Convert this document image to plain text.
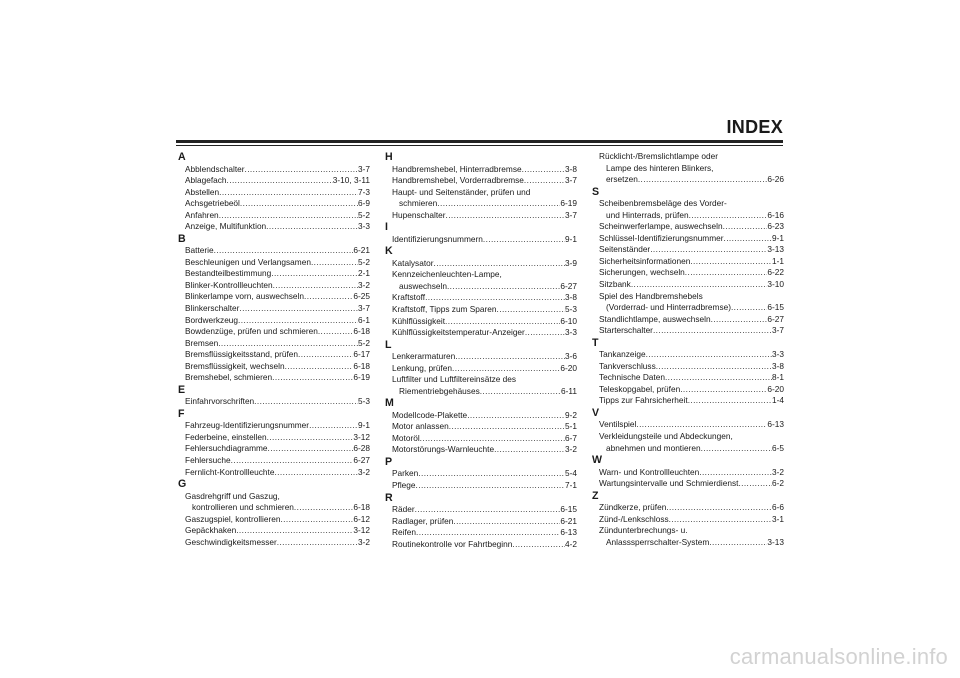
INDEX
A
Abblendschalter .....	3-7
Ablagefach .....	3-10, 3-11
Abstellen .....	7-3
Achsgetriebeöl .....	6-9
Anfahren .....	5-2
Anzeige, Multifunktion .....	3-3
B
Batterie .....	6-21
Beschleunigen und Verlangsamen .....	5-2
Bestandteilbestimmung .....	2-1
Blinker-Kontrollleuchten .....	3-2
Blinkerlampe vorn, auswechseln .....	6-25
Blinkerschalter .....	3-7
Bordwerkzeug .....	6-1
Bowdenzüge, prüfen und schmieren .....	6-18
Bremsen .....	5-2
Bremsflüssigkeitsstand, prüfen .....	6-17
Bremsflüssigkeit, wechseln .....	6-18
Bremshebel, schmieren .....	6-19
E
Einfahrvorschriften .....	5-3
F
Fahrzeug-Identifizierungsnummer .....	9-1
Federbeine, einstellen .....	3-12
Fehlersuchdiagramme .....	6-28
Fehlersuche .....	6-27
Fernlicht-Kontrollleuchte .....	3-2
G
Gasdrehgriff und Gaszug,
kontrollieren und schmieren .....	6-18
Gaszugspiel, kontrollieren .....	6-12
Gepäckhaken .....	3-12
Geschwindigkeitsmesser .....	3-2
H
Handbremshebel, Hinterradbremse .....	3-8
Handbremshebel, Vorderradbremse .....	3-7
Haupt- und Seitenständer, prüfen und
schmieren .....	6-19
Hupenschalter .....	3-7
I
Identifizierungsnummern .....	9-1
K
Katalysator .....	3-9
Kennzeichenleuchten-Lampe,
auswechseln .....	6-27
Kraftstoff .....	3-8
Kraftstoff, Tipps zum Sparen .....	5-3
Kühlflüssigkeit .....	6-10
Kühlflüssigkeitstemperatur-Anzeiger .....	3-3
L
Lenkerarmaturen .....	3-6
Lenkung, prüfen .....	6-20
Luftfilter und Luftfiltereinsätze des
Riementriebgehäuses .....	6-11
M
Modellcode-Plakette .....	9-2
Motor anlassen .....	5-1
Motoröl .....	6-7
Motorstörungs-Warnleuchte .....	3-2
P
Parken .....	5-4
Pflege .....	7-1
R
Räder .....	6-15
Radlager, prüfen .....	6-21
Reifen .....	6-13
Routinekontrolle vor Fahrtbeginn .....	4-2
Rücklicht-/Bremslichtlampe oder
Lampe des hinteren Blinkers,
ersetzen .....	6-26
S
Scheibenbremsbeläge des Vorder-
und Hinterrads, prüfen .....	6-16
Scheinwerferlampe, auswechseln .....	6-23
Schlüssel-Identifizierungsnummer .....	9-1
Seitenständer .....	3-13
Sicherheitsinformationen .....	1-1
Sicherungen, wechseln .....	6-22
Sitzbank .....	3-10
Spiel des Handbremshebels
(Vorderrad- und Hinterradbremse) .....	6-15
Standlichtlampe, auswechseln .....	6-27
Starterschalter .....	3-7
T
Tankanzeige .....	3-3
Tankverschluss .....	3-8
Technische Daten .....	8-1
Teleskopgabel, prüfen .....	6-20
Tipps zur Fahrsicherheit .....	1-4
V
Ventilspiel .....	6-13
Verkleidungsteile und Abdeckungen,
abnehmen und montieren .....	6-5
W
Warn- und Kontrollleuchten .....	3-2
Wartungsintervalle und Schmierdienst .....	6-2
Z
Zündkerze, prüfen .....	6-6
Zünd-/Lenkschloss .....	3-1
Zündunterbrechungs- u.
Anlasssperrschalter-System .....	3-13
carmanualsonline.info
